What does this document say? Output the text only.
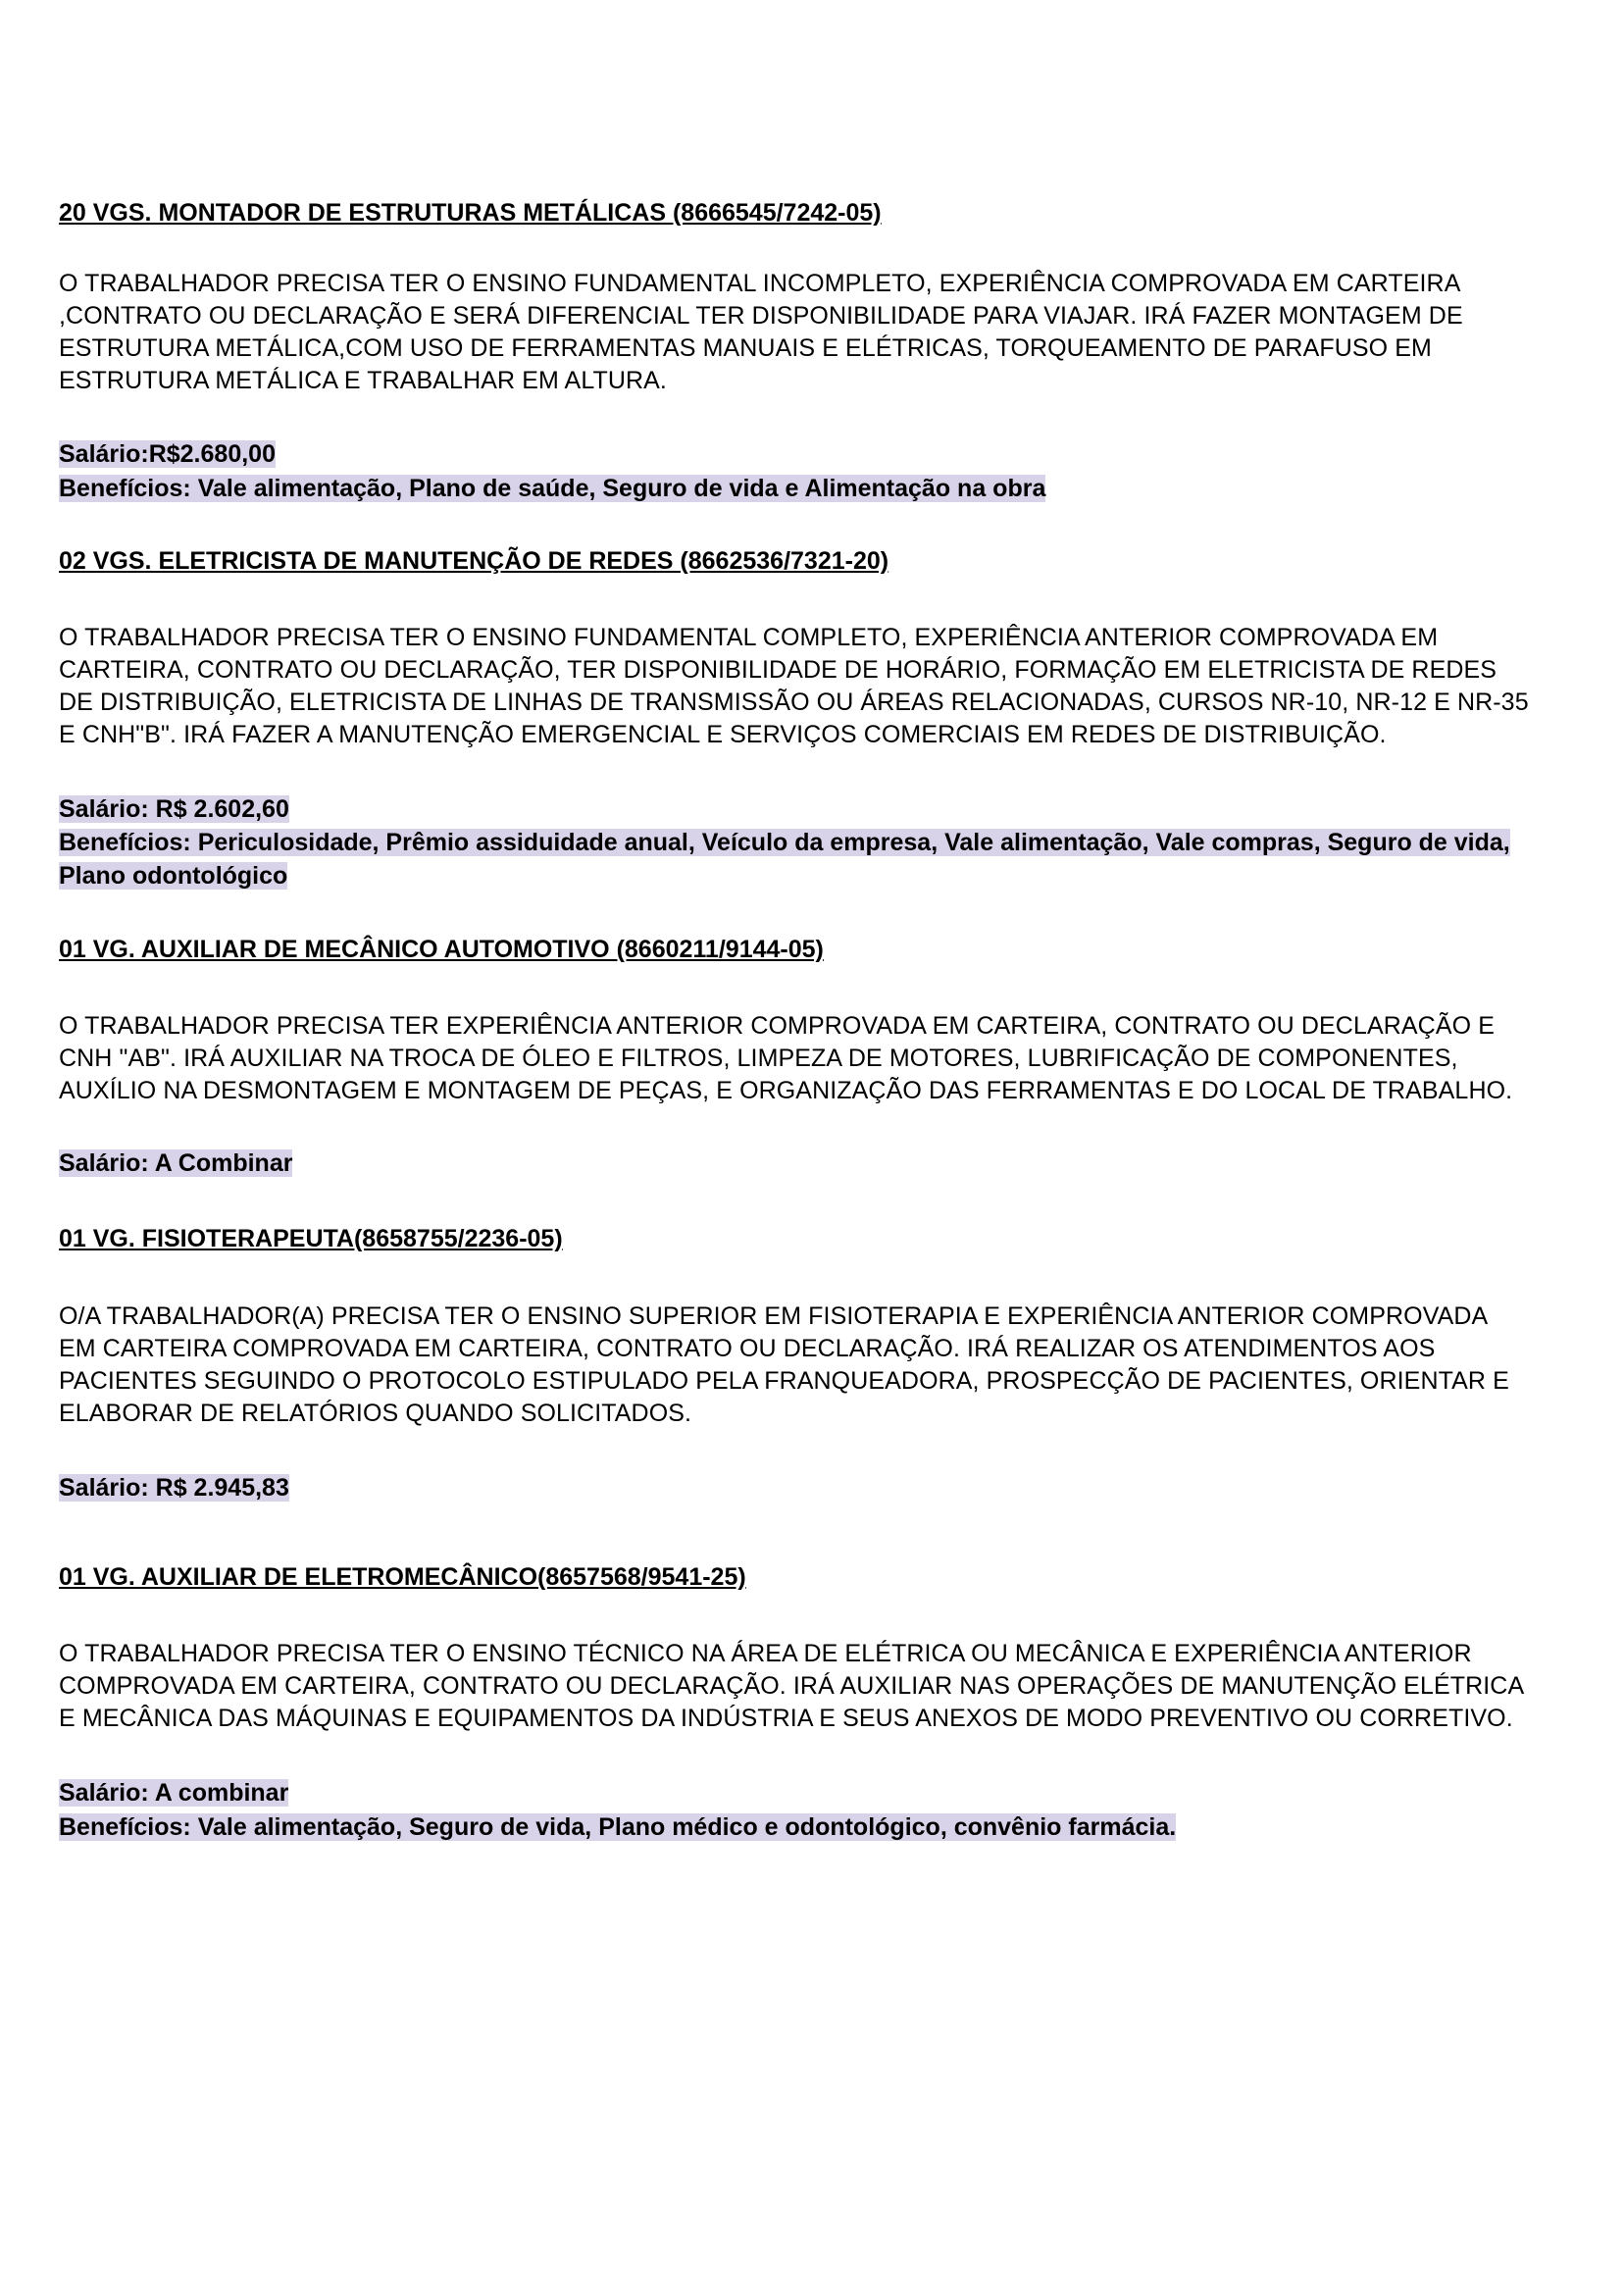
20 VGS. MONTADOR DE ESTRUTURAS METÁLICAS (8666545/7242-05)

O TRABALHADOR PRECISA TER O ENSINO FUNDAMENTAL INCOMPLETO, EXPERIÊNCIA COMPROVADA EM CARTEIRA ,CONTRATO OU DECLARAÇÃO E SERÁ DIFERENCIAL TER DISPONIBILIDADE PARA VIAJAR. IRÁ FAZER MONTAGEM DE ESTRUTURA METÁLICA,COM USO DE FERRAMENTAS MANUAIS E ELÉTRICAS, TORQUEAMENTO DE PARAFUSO EM ESTRUTURA METÁLICA E TRABALHAR EM ALTURA.

Salário:R$2.680,00
Benefícios: Vale alimentação, Plano de saúde, Seguro de vida e Alimentação na obra

02 VGS. ELETRICISTA DE MANUTENÇÃO DE REDES (8662536/7321-20)

O TRABALHADOR PRECISA TER O ENSINO FUNDAMENTAL COMPLETO, EXPERIÊNCIA ANTERIOR COMPROVADA EM CARTEIRA, CONTRATO OU DECLARAÇÃO, TER DISPONIBILIDADE DE HORÁRIO, FORMAÇÃO EM ELETRICISTA DE REDES DE DISTRIBUIÇÃO, ELETRICISTA DE LINHAS DE TRANSMISSÃO OU ÁREAS RELACIONADAS, CURSOS NR-10, NR-12 E NR-35 E CNH"B". IRÁ FAZER A MANUTENÇÃO EMERGENCIAL E SERVIÇOS COMERCIAIS EM REDES DE DISTRIBUIÇÃO.

Salário: R$ 2.602,60
Benefícios: Periculosidade, Prêmio assiduidade anual, Veículo da empresa, Vale alimentação, Vale compras, Seguro de vida, Plano odontológico

01 VG. AUXILIAR DE MECÂNICO AUTOMOTIVO (8660211/9144-05)

O TRABALHADOR PRECISA TER EXPERIÊNCIA ANTERIOR COMPROVADA EM CARTEIRA, CONTRATO OU DECLARAÇÃO E CNH "AB". IRÁ AUXILIAR NA TROCA DE ÓLEO E FILTROS, LIMPEZA DE MOTORES, LUBRIFICAÇÃO DE COMPONENTES, AUXÍLIO NA DESMONTAGEM E MONTAGEM DE PEÇAS, E ORGANIZAÇÃO DAS FERRAMENTAS E DO LOCAL DE TRABALHO.

Salário: A Combinar

01 VG. FISIOTERAPEUTA(8658755/2236-05)

O/A TRABALHADOR(A) PRECISA TER O ENSINO SUPERIOR EM FISIOTERAPIA E EXPERIÊNCIA ANTERIOR COMPROVADA EM CARTEIRA COMPROVADA EM CARTEIRA, CONTRATO OU DECLARAÇÃO. IRÁ REALIZAR OS ATENDIMENTOS AOS PACIENTES SEGUINDO O PROTOCOLO ESTIPULADO PELA FRANQUEADORA, PROSPECÇÃO DE PACIENTES, ORIENTAR E ELABORAR DE RELATÓRIOS QUANDO SOLICITADOS.

Salário: R$ 2.945,83

01 VG. AUXILIAR DE ELETROMECÂNICO(8657568/9541-25)

O TRABALHADOR PRECISA TER O ENSINO TÉCNICO NA ÁREA DE ELÉTRICA OU MECÂNICA E EXPERIÊNCIA ANTERIOR COMPROVADA EM CARTEIRA, CONTRATO OU DECLARAÇÃO. IRÁ AUXILIAR NAS OPERAÇÕES DE MANUTENÇÃO ELÉTRICA E MECÂNICA DAS MÁQUINAS E EQUIPAMENTOS DA INDÚSTRIA E SEUS ANEXOS DE MODO PREVENTIVO OU CORRETIVO.

Salário: A combinar
Benefícios: Vale alimentação, Seguro de vida, Plano médico e odontológico, convênio farmácia.
